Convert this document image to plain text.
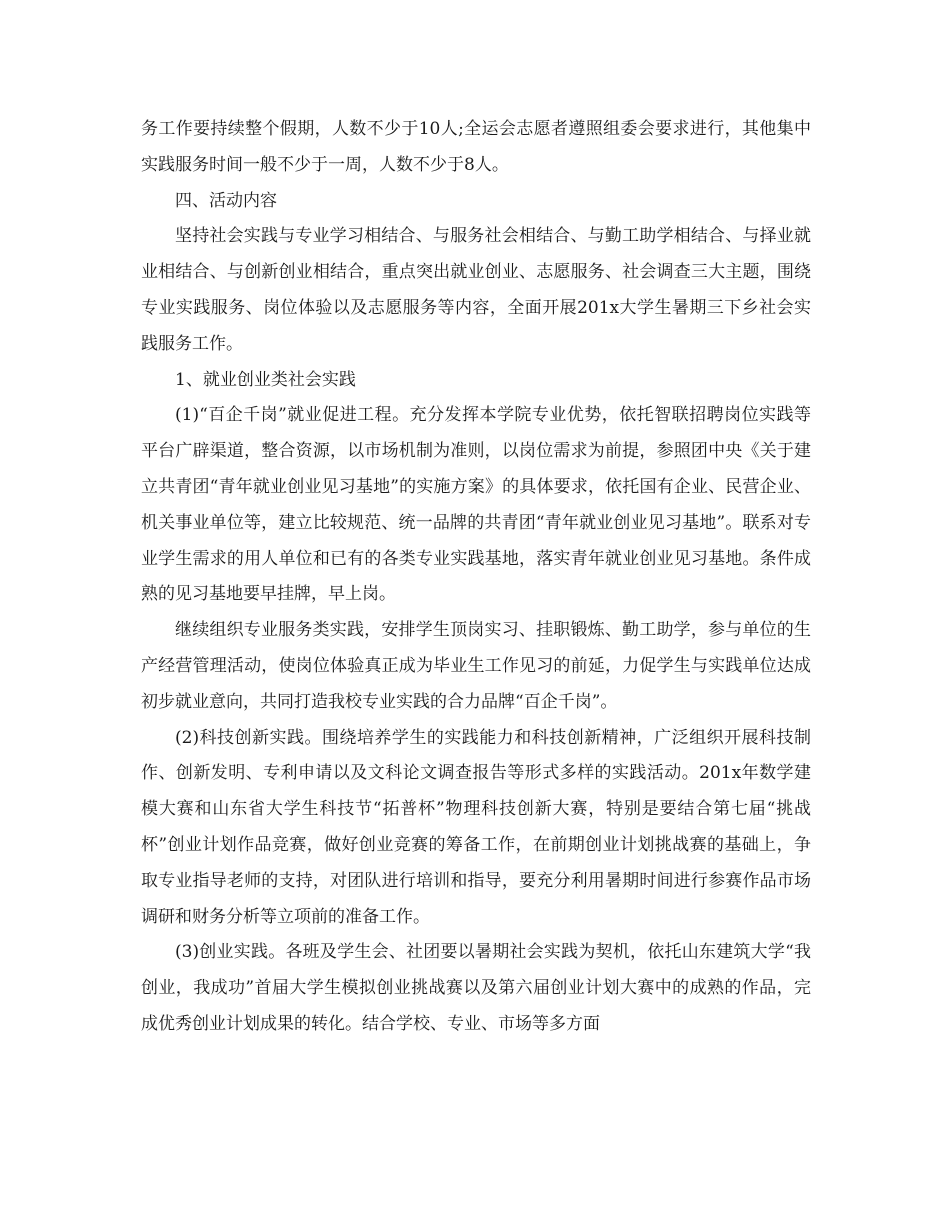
务工作要持续整个假期，人数不少于10人;全运会志愿者遵照组委会要求进行，其他集中实践服务时间一般不少于一周，人数不少于8人。

四、活动内容

坚持社会实践与专业学习相结合、与服务社会相结合、与勤工助学相结合、与择业就业相结合、与创新创业相结合，重点突出就业创业、志愿服务、社会调查三大主题，围绕专业实践服务、岗位体验以及志愿服务等内容，全面开展201x大学生暑期三下乡社会实践服务工作。

1、就业创业类社会实践

(1)“百企千岗”就业促进工程。充分发挥本学院专业优势，依托智联招聘岗位实践等平台广辟渠道，整合资源，以市场机制为准则，以岗位需求为前提，参照团中央《关于建立共青团“青年就业创业见习基地”的实施方案》的具体要求，依托国有企业、民营企业、机关事业单位等，建立比较规范、统一品牌的共青团“青年就业创业见习基地”。联系对专业学生需求的用人单位和已有的各类专业实践基地，落实青年就业创业见习基地。条件成熟的见习基地要早挂牌，早上岗。

继续组织专业服务类实践，安排学生顶岗实习、挂职锻炼、勤工助学，参与单位的生产经营管理活动，使岗位体验真正成为毕业生工作见习的前延，力促学生与实践单位达成初步就业意向，共同打造我校专业实践的合力品牌“百企千岗”。

(2)科技创新实践。围绕培养学生的实践能力和科技创新精神，广泛组织开展科技制作、创新发明、专利申请以及文科论文调查报告等形式多样的实践活动。201x年数学建模大赛和山东省大学生科技节“拓普杯”物理科技创新大赛，特别是要结合第七届“挑战杯”创业计划作品竞赛，做好创业竞赛的筹备工作，在前期创业计划挑战赛的基础上，争取专业指导老师的支持，对团队进行培训和指导，要充分利用暑期时间进行参赛作品市场调研和财务分析等立项前的准备工作。

(3)创业实践。各班及学生会、社团要以暑期社会实践为契机，依托山东建筑大学“我创业，我成功”首届大学生模拟创业挑战赛以及第六届创业计划大赛中的成熟的作品，完成优秀创业计划成果的转化。结合学校、专业、市场等多方面
